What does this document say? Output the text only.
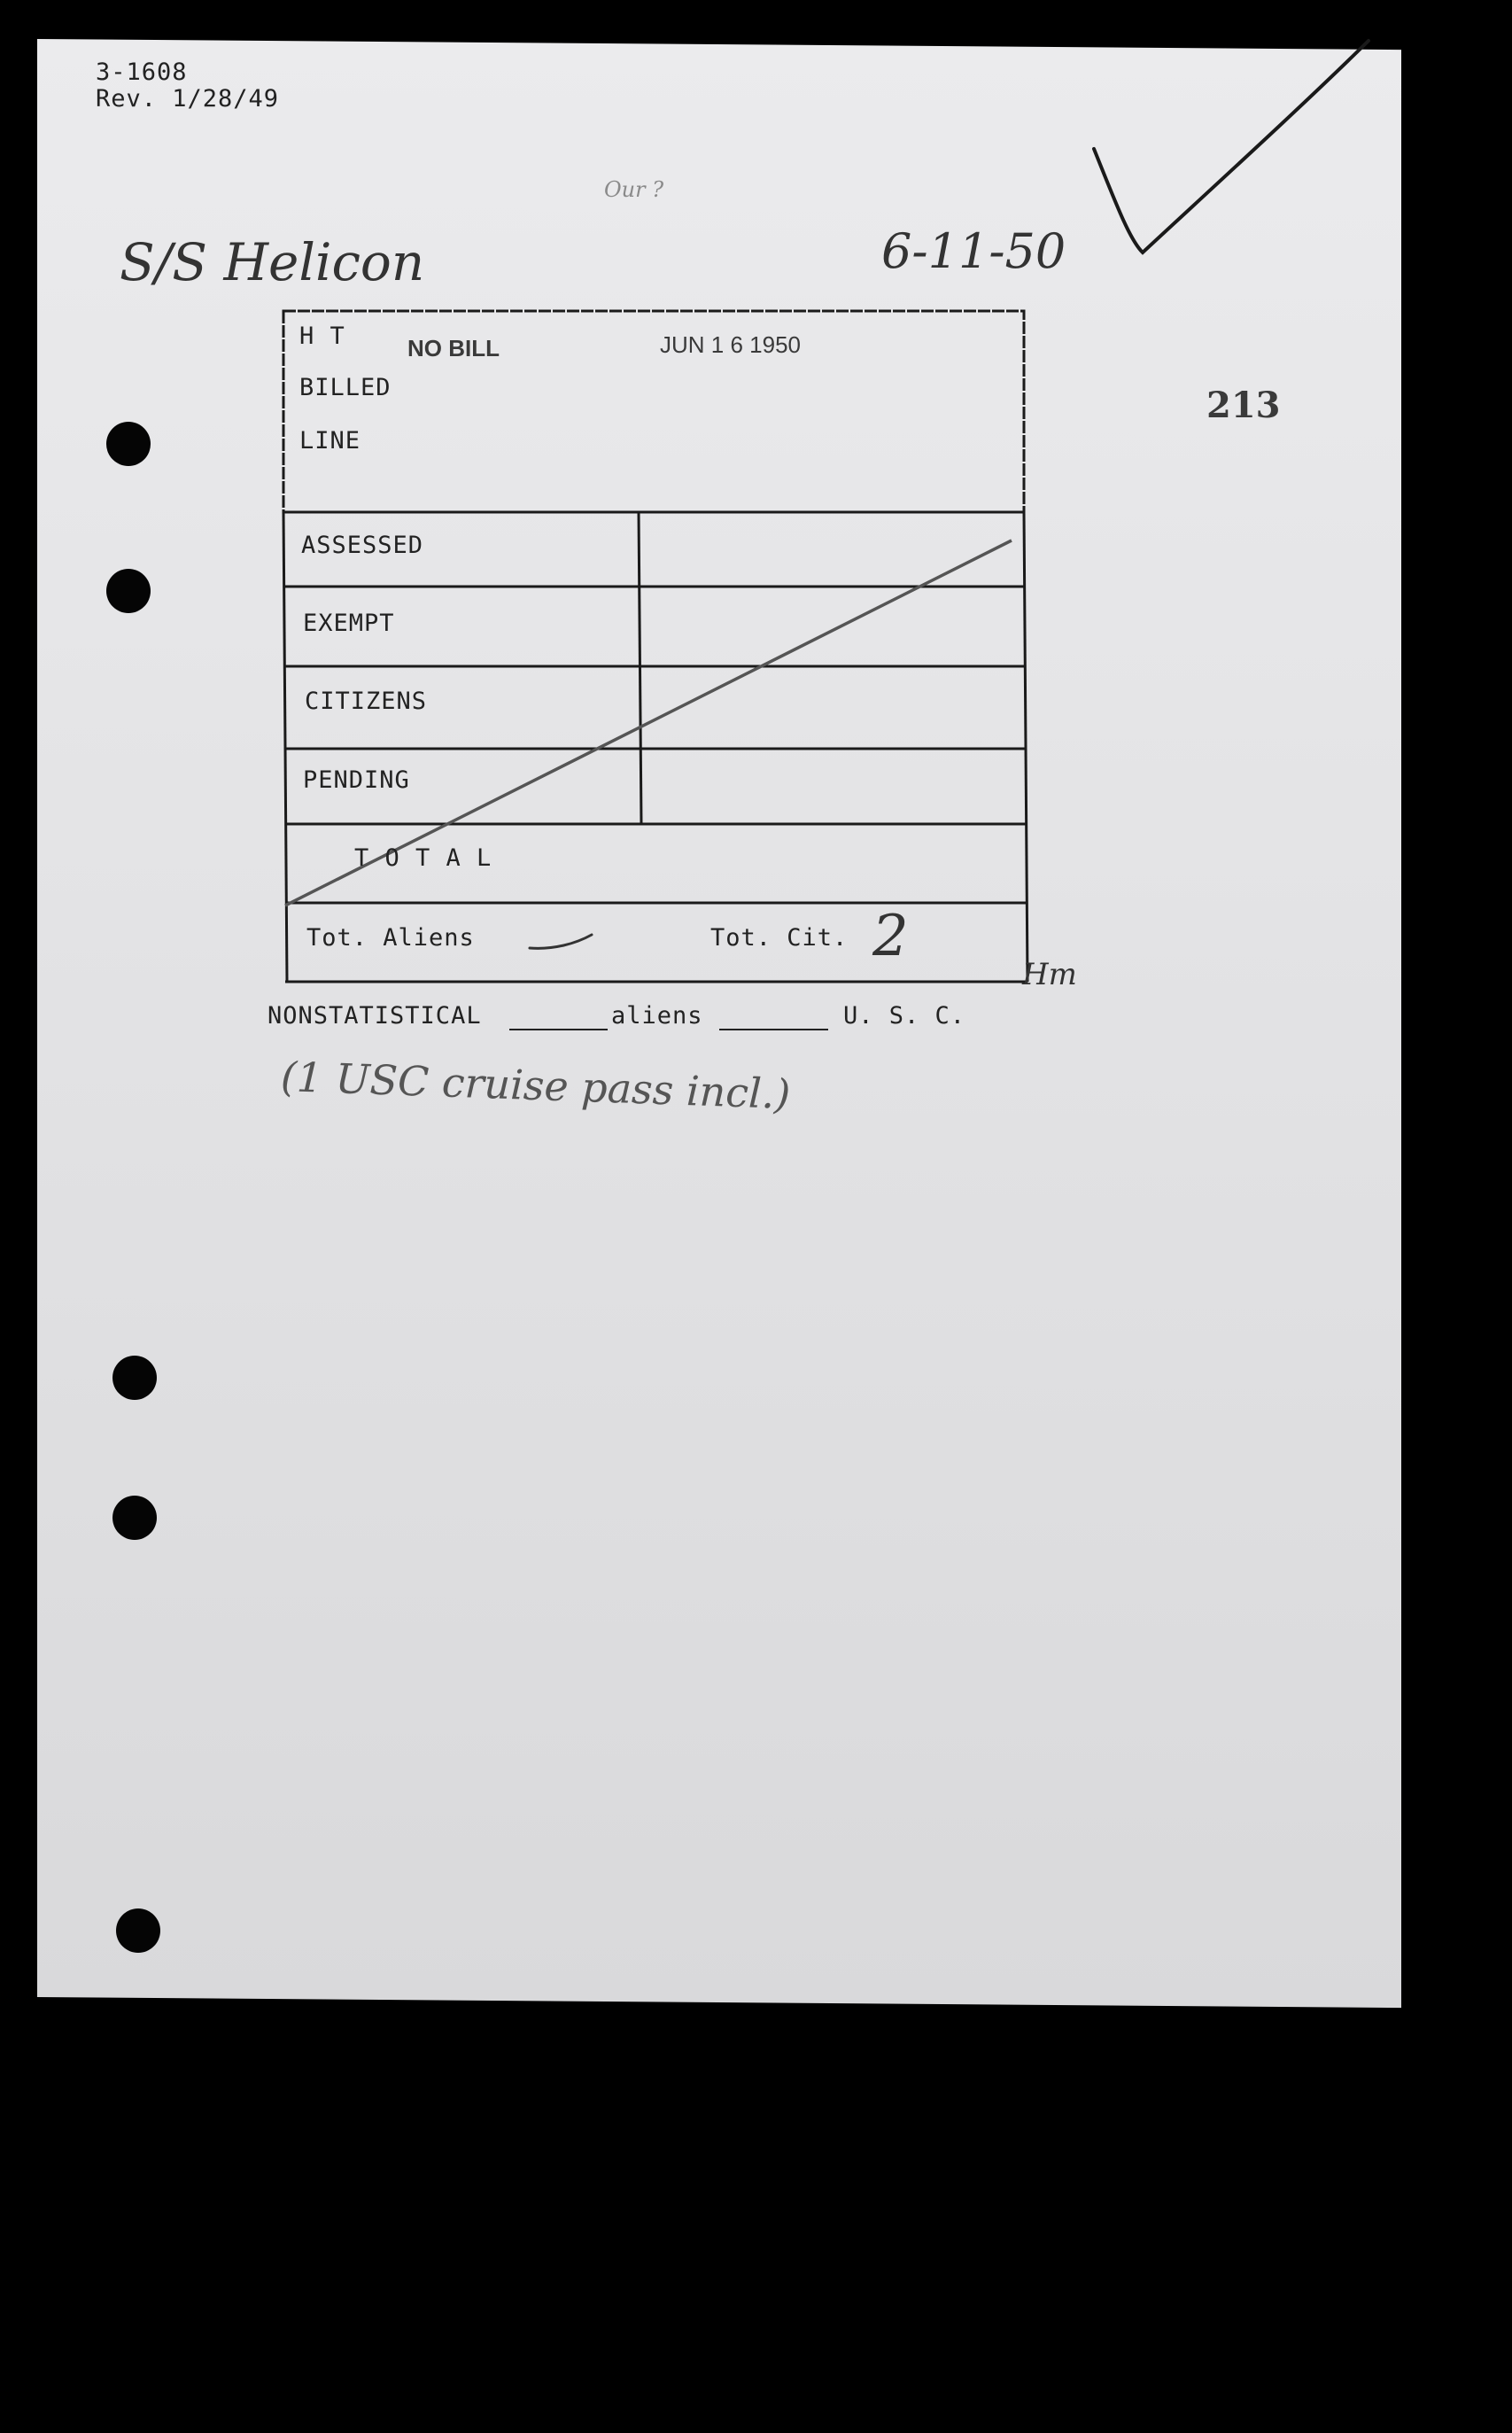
3-1608
Rev. 1/28/49
S/S Helicon	6-11-50
Our ?
213
H T	NO BILL	JUN 1 6 1950
BILLED
LINE
ASSESSED
EXEMPT
CITIZENS
PENDING
T O T A L
Tot. Aliens	Tot. Cit. 2
Hm
NONSTATISTICAL	aliens	U. S. C.
(1 USC cruise pass incl.)
